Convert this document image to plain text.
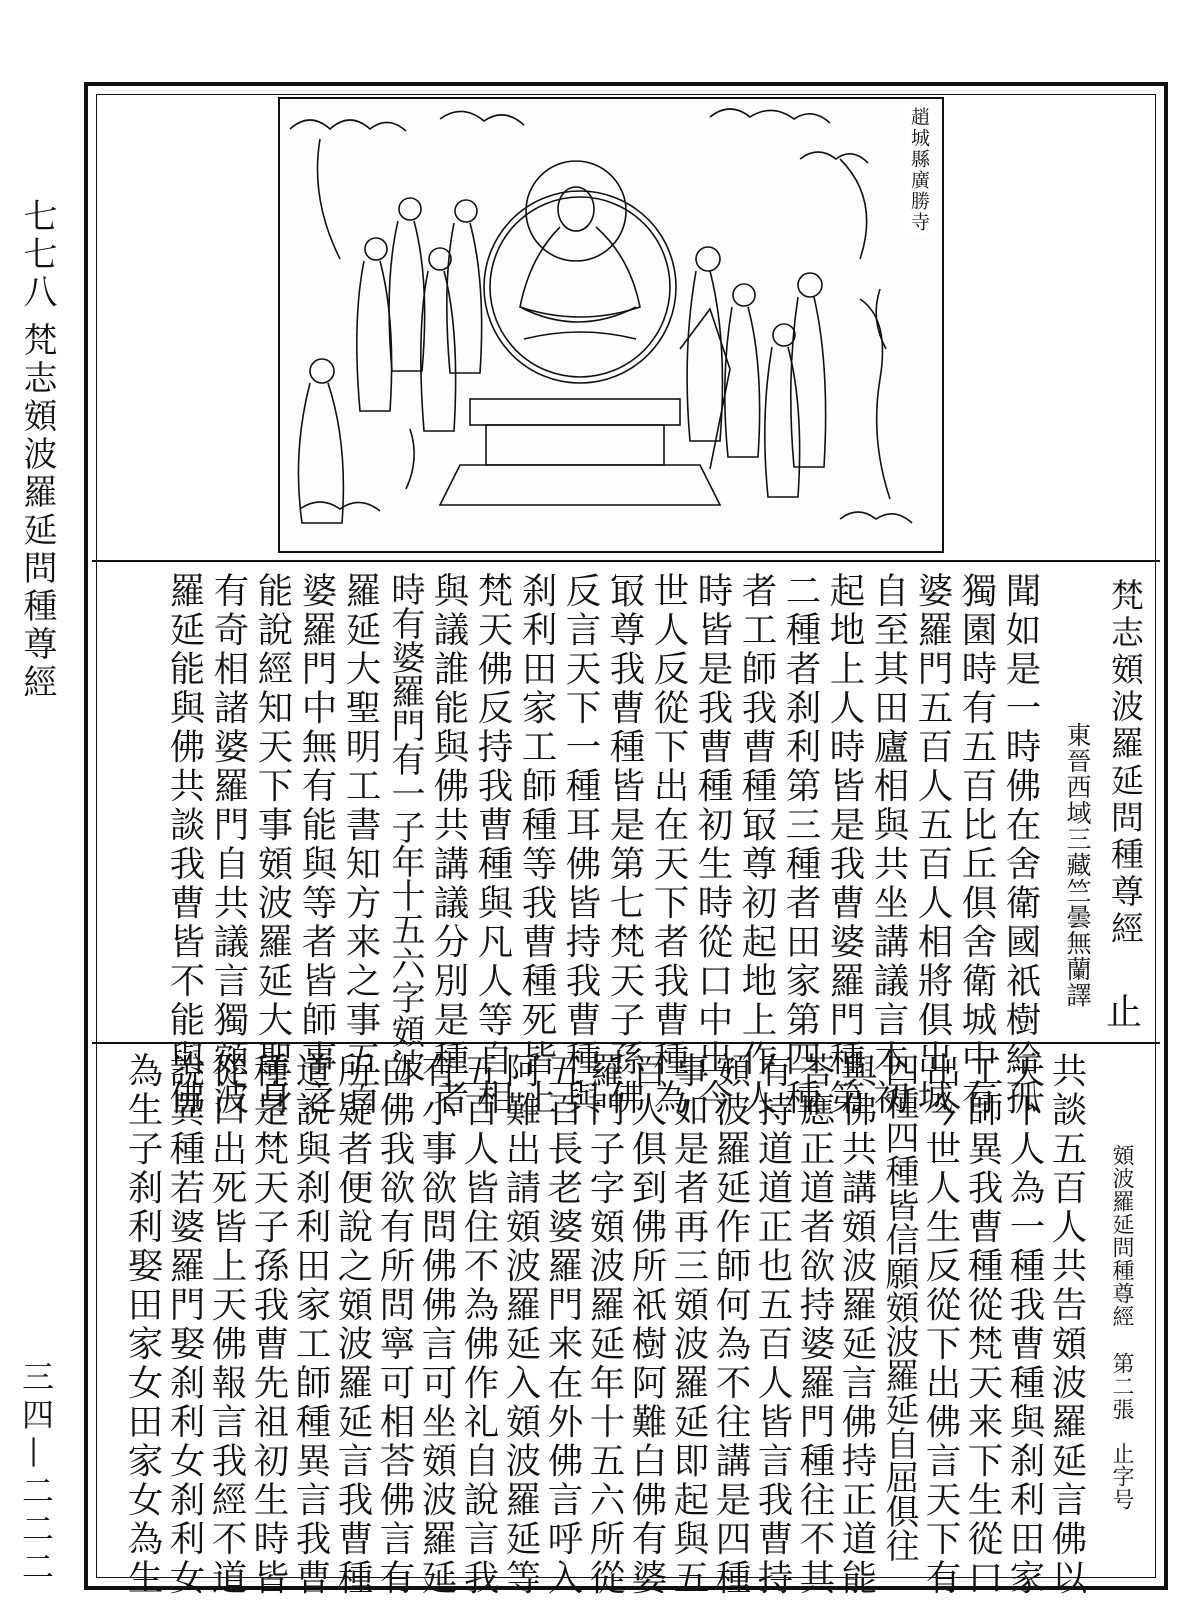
七七八
梵志頞波羅延問種尊經
三四—二二二
趙城縣廣勝寺
梵志頞波羅延問種尊經
東晉西域三藏竺曇無蘭譯
止
聞如是一時佛在舍衛國祇樹給孤
獨園時有五百比丘俱舍衛城中有
婆羅門五百人五百人相將俱出城
自至其田廬相與共坐講議言本初
起地上人時皆是我曹婆羅門種第
二種者刹利第三種者田家第四種
者工師我曹種冣尊初起地上作人
時皆是我曹種初生時從口中出今
世人反從下出在天下者我曹種為
冣尊我曹種皆是第七梵天子孫佛
反言天下一種耳佛皆持我曹種與
刹利田家工師種等我曹種死皆上
梵天佛反持我曹種與凡人等自相
與議誰能與佛共講議分別是種者
時有婆羅門有一子年十五六字頞波
羅延大聖明工書知方来之事五百
婆羅門中無有能與等者皆師事之
能說經知天下事頞波羅延大聖身
有奇相諸婆羅門自共議言獨頞波
羅延能與佛共談我曹皆不能與佛
頞波羅延問種尊經
第二張
止字号
共談五百人共告頞波羅延言佛以
天下人為一種我曹種與刹利田家
工師異我曹種從梵天来下生從口
出今世人生反從下出佛言天下有
四種四種皆信願頞波羅延自屈俱往
與佛共講頞波羅延言佛持正道能
荅應正道者欲持婆羅門種往不其
有持道道正也五百人皆言我曹持
頞波羅延作師何為不往講是四種
事如是者再三頞波羅延即起與五
百人俱到佛所祇樹阿難白佛有婆
羅門子字頞波羅延年十五六所從
五百長老婆羅門来在外佛言呼入
阿難出請頞波羅延入頞波羅延等
五百人皆住不為佛作礼自說言我
有小事欲問佛佛言可坐頞波羅延
白佛我欲有所問寧可相荅佛言有
所疑者便說之頞波羅延言我曹種
道說與刹利田家工師種異言我曹
種是梵天子孫我曹先祖初生時皆
從口出死皆上天佛報言我經不道
說異種若婆羅門娶刹利女刹利女
為生子刹利娶田家女田家女為生
